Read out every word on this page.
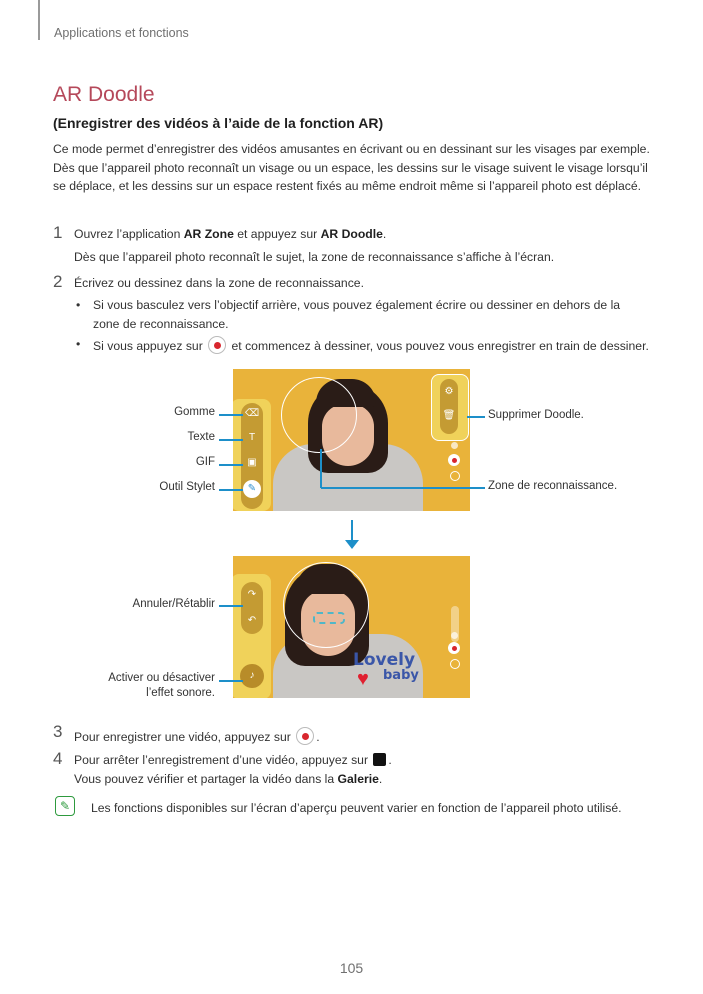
Applications et fonctions
AR Doodle
(Enregistrer des vidéos à l’aide de la fonction AR)
Ce mode permet d’enregistrer des vidéos amusantes en écrivant ou en dessinant sur les visages par exemple. Dès que l’appareil photo reconnaît un visage ou un espace, les dessins sur le visage suivent le visage lorsqu’il se déplace, et les dessins sur un espace restent fixés au même endroit même si l’appareil photo est déplacé.
1 Ouvrez l’application AR Zone et appuyez sur AR Doodle.
Dès que l’appareil photo reconnaît le sujet, la zone de reconnaissance s’affiche à l’écran.
2 Écrivez ou dessinez dans la zone de reconnaissance.
• Si vous basculez vers l’objectif arrière, vous pouvez également écrire ou dessiner en dehors de la
zone de reconnaissance.
• Si vous appuyez sur  et commencez à dessiner, vous pouvez vous enregistrer en train de dessiner.
⌫
T
▣
✎
⚙
🗑
Gomme
Texte
GIF
Outil Stylet
Supprimer Doodle.
Zone de reconnaissance.
↷
↶
♪
Lovely
baby
♥
Annuler/Rétablir
Activer ou désactiver
l’effet sonore.
3 Pour enregistrer une vidéo, appuyez sur .
4 Pour arrêter l’enregistrement d’une vidéo, appuyez sur .
Vous pouvez vérifier et partager la vidéo dans la Galerie.
✎	Les fonctions disponibles sur l’écran d’aperçu peuvent varier en fonction de l’appareil photo utilisé.
105
